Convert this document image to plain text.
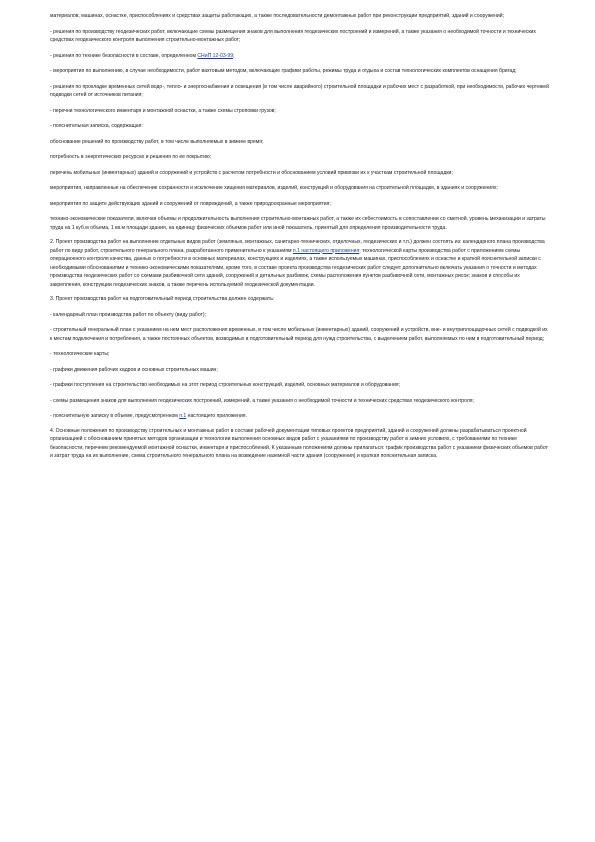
материалов, машинах, оснастке, приспособлениях и средствах защиты работающих, а также последовательности демонтажных работ при реконструкции предприятий, зданий и сооружений;

- решения по производству геодезических работ, включающие схемы размещения знаков для выполнения геодезических построений и измерений, а также указания о необходимой точности и технических средствах геодезического контроля выполнения строительно-монтажных работ;

- решения по технике безопасности в составе, определенном СНиП 12-03-99;

- мероприятия по выполнению, в случае необходимости, работ вахтовым методом, включающие графики работы, режимы труда и отдыха и состав технологических комплектов оснащения бригад;

- решения по прокладке временных сетей водо-, тепло- и энергоснабжения и освещения (в том числе аварийного) строительной площадки и рабочих мест с разработкой, при необходимости, рабочих чертежей подводки сетей от источников питания;

- перечни технологического инвентаря и монтажной оснастки, а также схемы строповки грузов;

- пояснительная записка, содержащая:

обоснование решений по производству работ, в том числе выполняемых в зимнее время;

потребность в энергетических ресурсах и решения по ее покрытию;

перечень мобильных (инвентарных) зданий и сооружений и устройств с расчетом потребности и обоснованием условий привязки их к участкам строительной площадки;

мероприятия, направленные на обеспечение сохранности и исключение хищения материалов, изделий, конструкций и оборудования на строительной площадке, в зданиях и сооружениях;

мероприятия по защите действующих зданий и сооружений от повреждений, а также природоохранные мероприятия;

технико-экономические показатели, включая объемы и продолжительность выполнения строительно-монтажных работ, а также их себестоимость в сопоставлении со сметной, уровень механизации и затраты труда на 1 куб.м объема, 1 кв.м площади здания, на единицу физических объемов работ или иной показатель, принятый для определения производительности труда.

2. Проект производства работ на выполнение отдельных видов работ (земляных, монтажных, санитарно-технических, отделочных, геодезических и т.п.) должен состоять из: календарного плана производства работ по виду работ, строительного генерального плана, разработанного применительно к указаниям п.1 настоящего приложения; технологической карты производства работ с приложением схемы операционного контроля качества, данных о потребности в основных материалах, конструкциях и изделиях, а также используемых машинах, приспособлениях и оснастке и краткой пояснительной записки с необходимыми обоснованиями и технико-экономическими показателями, кроме того, в составе проекта производства геодезических работ следует дополнительно включать указания о точности и методах производства геодезических работ со схемами разбивочной сети зданий, сооружений и детальных разбивок, схемы расположения пунктов разбивочной сети, монтажных рисок; знаков и способы их закрепления, конструкции геодезических знаков, а также перечень используемой геодезической документации.

3. Проект производства работ на подготовительный период строительства должен содержать:

- календарный план производства работ по объекту (виду работ);

- строительный генеральный план с указанием на нем мест расположения временных, в том числе мобильных (инвентарных) зданий, сооружений и устройств, вне- и внутриплощадочных сетей с подводкой их к местам подключения и потребления, а также постоянных объектов, возводимых в подготовительный период для нужд строительства, с выделением работ, выполняемых по ним в подготовительный период;

- технологические карты;

- графики движения рабочих кадров и основных строительных машин;

- графики поступления на строительство необходимых на этот период строительных конструкций, изделий, основных материалов и оборудования;

- схемы размещения знаков для выполнения геодезических построений, измерений, а также указания о необходимой точности и технических средствах геодезического контроля;

- пояснительную записку в объеме, предусмотренном п.1 настоящего приложения.

4. Основные положения по производству строительных и монтажных работ в составе рабочей документации типовых проектов предприятий, зданий и сооружений должны разрабатываться проектной организацией с обоснованием принятых методов организации и технологии выполнения основных видов работ с указаниями по производству работ в зимних условиях, с требованиями по технике безопасности, перечнем рекомендуемой монтажной оснастки, инвентаря и приспособлений. К указанным положениям должны прилагаться: график производства работ с указанием физических объемов работ и затрат труда на их выполнение, схема строительного генерального плана на возведение наземной части здания (сооружения) и краткая пояснительная записка.
